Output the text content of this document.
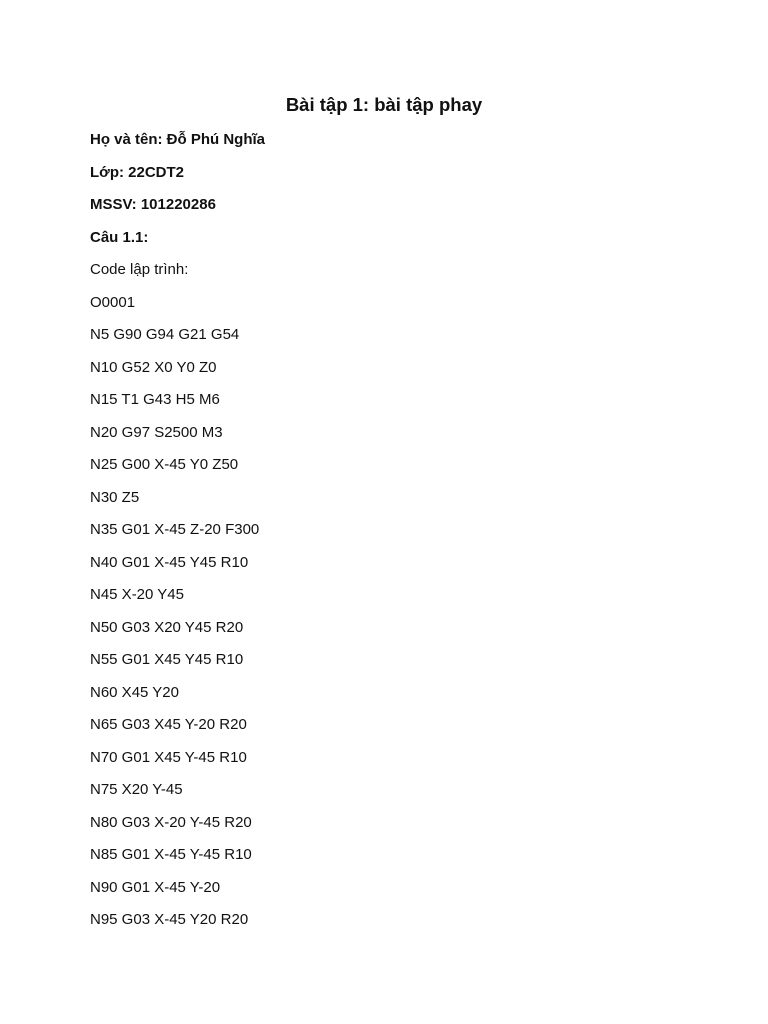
Bài tập 1: bài tập phay
Họ và tên: Đỗ Phú Nghĩa
Lớp: 22CDT2
MSSV: 101220286
Câu 1.1:
Code lập trình:
O0001
N5 G90 G94 G21 G54
N10 G52 X0 Y0 Z0
N15 T1 G43 H5 M6
N20 G97 S2500 M3
N25 G00 X-45 Y0 Z50
N30 Z5
N35 G01 X-45 Z-20 F300
N40 G01 X-45 Y45 R10
N45 X-20 Y45
N50 G03 X20 Y45 R20
N55 G01 X45 Y45 R10
N60 X45 Y20
N65 G03 X45 Y-20 R20
N70 G01 X45 Y-45 R10
N75 X20 Y-45
N80 G03 X-20 Y-45 R20
N85 G01 X-45 Y-45 R10
N90 G01 X-45 Y-20
N95 G03 X-45 Y20 R20
